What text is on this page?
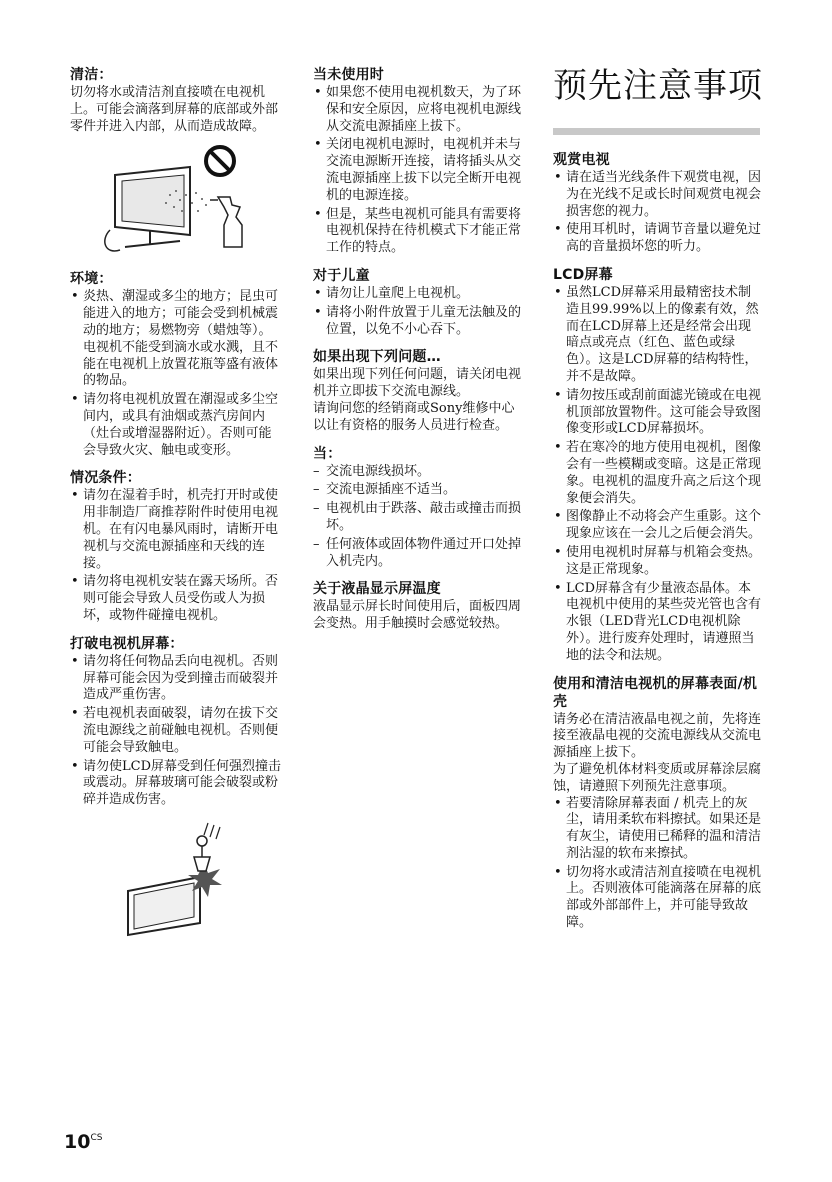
清洁：

切勿将水或清洁剂直接喷在电视机上。可能会滴落到屏幕的底部或外部零件并进入内部，从而造成故障。

环境：
• 炎热、潮湿或多尘的地方；昆虫可能进入的地方；可能会受到机械震动的地方；易燃物旁（蜡烛等）。电视机不能受到滴水或水溅，且不能在电视机上放置花瓶等盛有液体的物品。
• 请勿将电视机放置在潮湿或多尘空间内，或具有油烟或蒸汽房间内（灶台或增湿器附近）。否则可能会导致火灾、触电或变形。
情况条件：
• 请勿在湿着手时，机壳打开时或使用非制造厂商推荐附件时使用电视机。在有闪电暴风雨时，请断开电视机与交流电源插座和天线的连接。
• 请勿将电视机安装在露天场所。否则可能会导致人员受伤或人为损坏，或物件碰撞电视机。
打破电视机屏幕：
• 请勿将任何物品丢向电视机。否则屏幕可能会因为受到撞击而破裂并造成严重伤害。
• 若电视机表面破裂，请勿在拔下交流电源线之前碰触电视机。否则便可能会导致触电。
• 请勿使LCD屏幕受到任何强烈撞击或震动。屏幕玻璃可能会破裂或粉碎并造成伤害。
当未使用时
• 如果您不使用电视机数天，为了环保和安全原因，应将电视机电源线从交流电源插座上拔下。
• 关闭电视机电源时，电视机并未与交流电源断开连接，请将插头从交流电源插座上拔下以完全断开电视机的电源连接。
• 但是，某些电视机可能具有需要将电视机保持在待机模式下才能正常工作的特点。
对于儿童
• 请勿让儿童爬上电视机。
• 请将小附件放置于儿童无法触及的位置，以免不小心吞下。
如果出现下列问题…

如果出现下列任何问题，请关闭电视机并立即拔下交流电源线。

请询问您的经销商或Sony维修中心以让有资格的服务人员进行检查。

当：
– 交流电源线损坏。
– 交流电源插座不适当。
– 电视机由于跌落、敲击或撞击而损坏。
– 任何液体或固体物件通过开口处掉入机壳内。
关于液晶显示屏温度

液晶显示屏长时间使用后，面板四周会变热。用手触摸时会感觉较热。

预先注意事项
观赏电视
• 请在适当光线条件下观赏电视，因为在光线不足或长时间观赏电视会损害您的视力。
• 使用耳机时，请调节音量以避免过高的音量损坏您的听力。
LCD屏幕
• 虽然LCD屏幕采用最精密技术制造且99.99%以上的像素有效，然而在LCD屏幕上还是经常会出现暗点或亮点（红色、蓝色或绿色）。这是LCD屏幕的结构特性，并不是故障。
• 请勿按压或刮前面滤光镜或在电视机顶部放置物件。这可能会导致图像变形或LCD屏幕损坏。
• 若在寒冷的地方使用电视机，图像会有一些模糊或变暗。这是正常现象。电视机的温度升高之后这个现象便会消失。
• 图像静止不动将会产生重影。这个现象应该在一会儿之后便会消失。
• 使用电视机时屏幕与机箱会变热。这是正常现象。
• LCD屏幕含有少量液态晶体。本电视机中使用的某些荧光管也含有水银（LED背光LCD电视机除外）。进行废弃处理时，请遵照当地的法令和法规。
使用和清洁电视机的屏幕表面/机壳

请务必在清洁液晶电视之前，先将连接至液晶电视的交流电源线从交流电源插座上拔下。

为了避免机体材料变质或屏幕涂层腐蚀，请遵照下列预先注意事项。

• 若要清除屏幕表面 / 机壳上的灰尘，请用柔软布料擦拭。如果还是有灰尘，请使用已稀释的温和清洁剂沾湿的软布来擦拭。
• 切勿将水或清洁剂直接喷在电视机上。否则液体可能滴落在屏幕的底部或外部部件上，并可能导致故障。
$10^{CS}$
